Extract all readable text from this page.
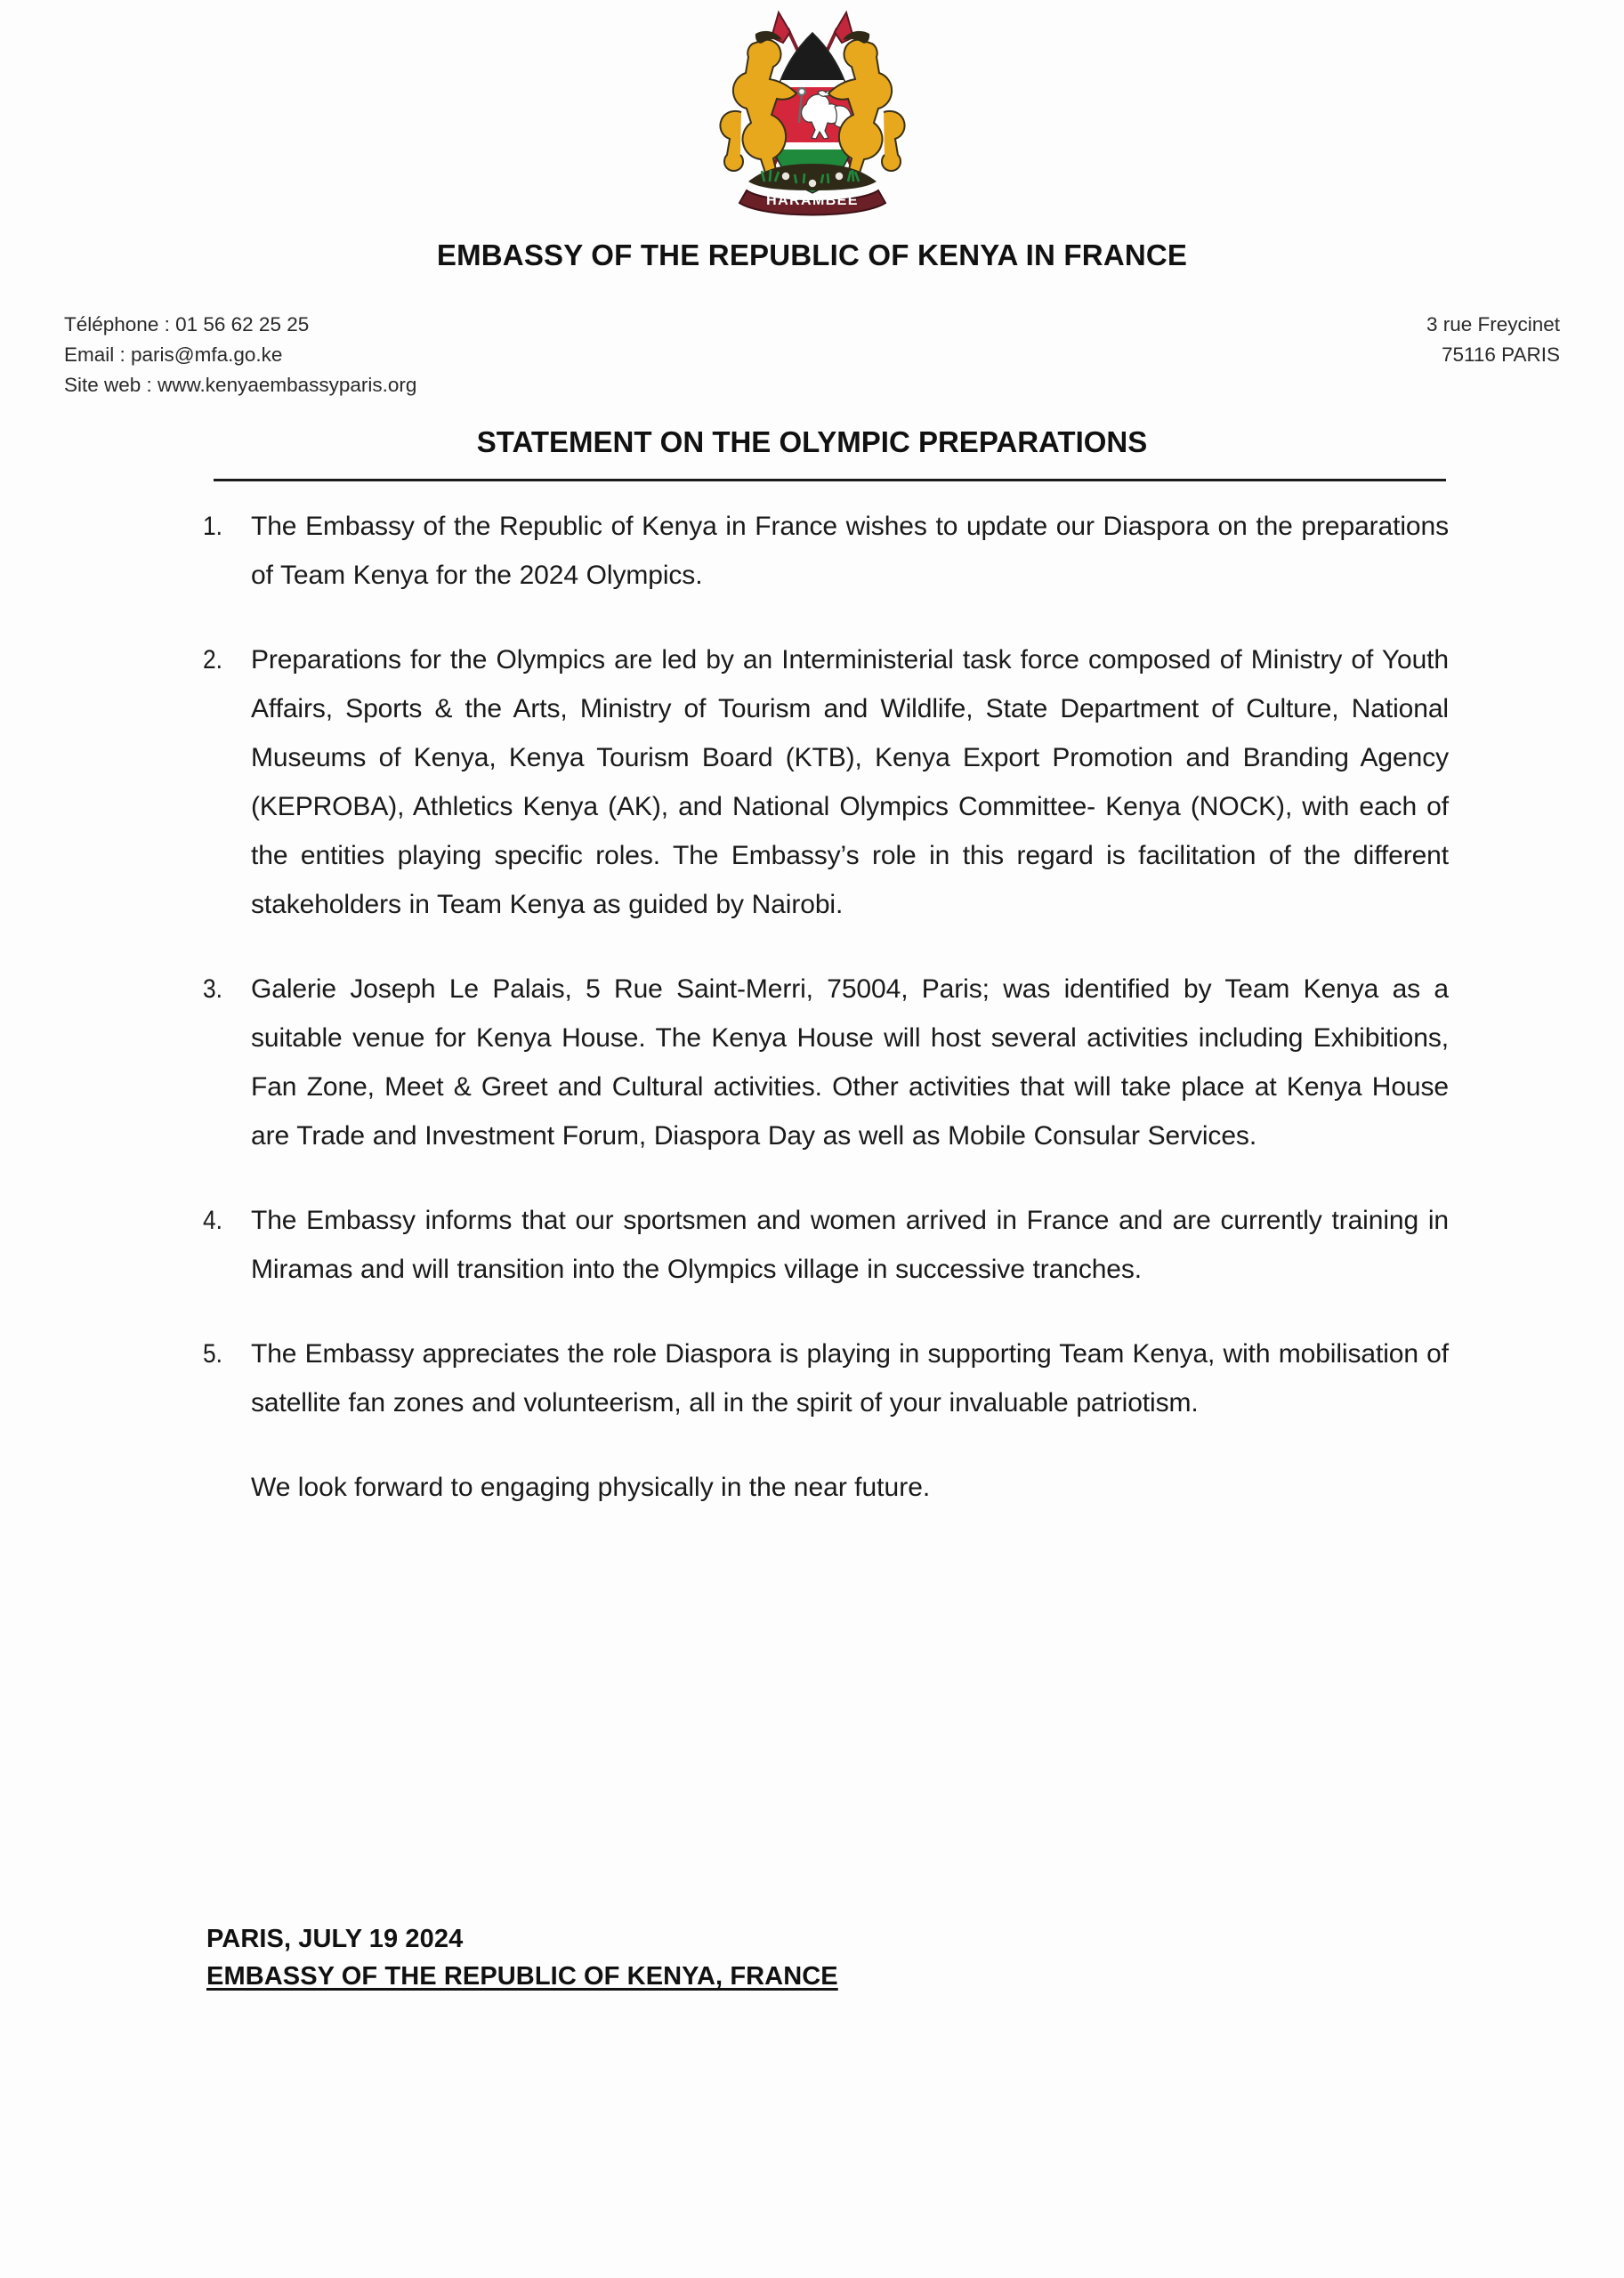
HARAMBEE
EMBASSY OF THE REPUBLIC OF KENYA IN FRANCE
Téléphone : 01 56 62 25 25
Email : paris@mfa.go.ke
Site web : www.kenyaembassyparis.org
3 rue Freycinet
75116 PARIS
STATEMENT ON THE OLYMPIC PREPARATIONS
1.	The Embassy of the Republic of Kenya in France wishes to update our Diaspora on the preparations of Team Kenya for the 2024 Olympics.
2.	Preparations for the Olympics are led by an Interministerial task force composed of Ministry of Youth Affairs, Sports & the Arts, Ministry of Tourism and Wildlife, State Department of Culture, National Museums of Kenya, Kenya Tourism Board (KTB), Kenya Export Promotion and Branding Agency (KEPROBA), Athletics Kenya (AK), and National Olympics Committee- Kenya (NOCK), with each of the entities playing specific roles. The Embassy’s role in this regard is facilitation of the different stakeholders in Team Kenya as guided by Nairobi.
3.	Galerie Joseph Le Palais, 5 Rue Saint-Merri, 75004, Paris; was identified by Team Kenya as a suitable venue for Kenya House. The Kenya House will host several activities including Exhibitions, Fan Zone, Meet & Greet and Cultural activities. Other activities that will take place at Kenya House are Trade and Investment Forum, Diaspora Day as well as Mobile Consular Services.
4.	The Embassy informs that our sportsmen and women arrived in France and are currently training in Miramas and will transition into the Olympics village in successive tranches.
5.	The Embassy appreciates the role Diaspora is playing in supporting Team Kenya, with mobilisation of satellite fan zones and volunteerism, all in the spirit of your invaluable patriotism.
We look forward to engaging physically in the near future.
PARIS, JULY 19 2024
EMBASSY OF THE REPUBLIC OF KENYA, FRANCE
